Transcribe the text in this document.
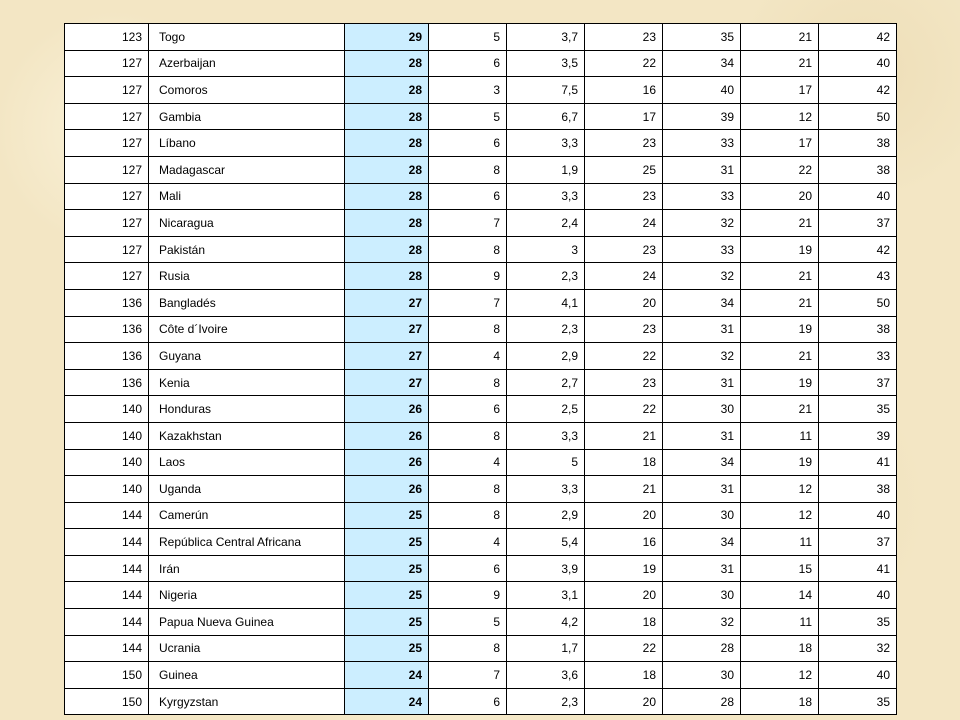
123	Togo	29	5	3,7	23	35	21	42
127	Azerbaijan	28	6	3,5	22	34	21	40
127	Comoros	28	3	7,5	16	40	17	42
127	Gambia	28	5	6,7	17	39	12	50
127	Líbano	28	6	3,3	23	33	17	38
127	Madagascar	28	8	1,9	25	31	22	38
127	Mali	28	6	3,3	23	33	20	40
127	Nicaragua	28	7	2,4	24	32	21	37
127	Pakistán	28	8	3	23	33	19	42
127	Rusia	28	9	2,3	24	32	21	43
136	Bangladés	27	7	4,1	20	34	21	50
136	Côte d´Ivoire	27	8	2,3	23	31	19	38
136	Guyana	27	4	2,9	22	32	21	33
136	Kenia	27	8	2,7	23	31	19	37
140	Honduras	26	6	2,5	22	30	21	35
140	Kazakhstan	26	8	3,3	21	31	11	39
140	Laos	26	4	5	18	34	19	41
140	Uganda	26	8	3,3	21	31	12	38
144	Camerún	25	8	2,9	20	30	12	40
144	República Central Africana	25	4	5,4	16	34	11	37
144	Irán	25	6	3,9	19	31	15	41
144	Nigeria	25	9	3,1	20	30	14	40
144	Papua Nueva Guinea	25	5	4,2	18	32	11	35
144	Ucrania	25	8	1,7	22	28	18	32
150	Guinea	24	7	3,6	18	30	12	40
150	Kyrgyzstan	24	6	2,3	20	28	18	35
